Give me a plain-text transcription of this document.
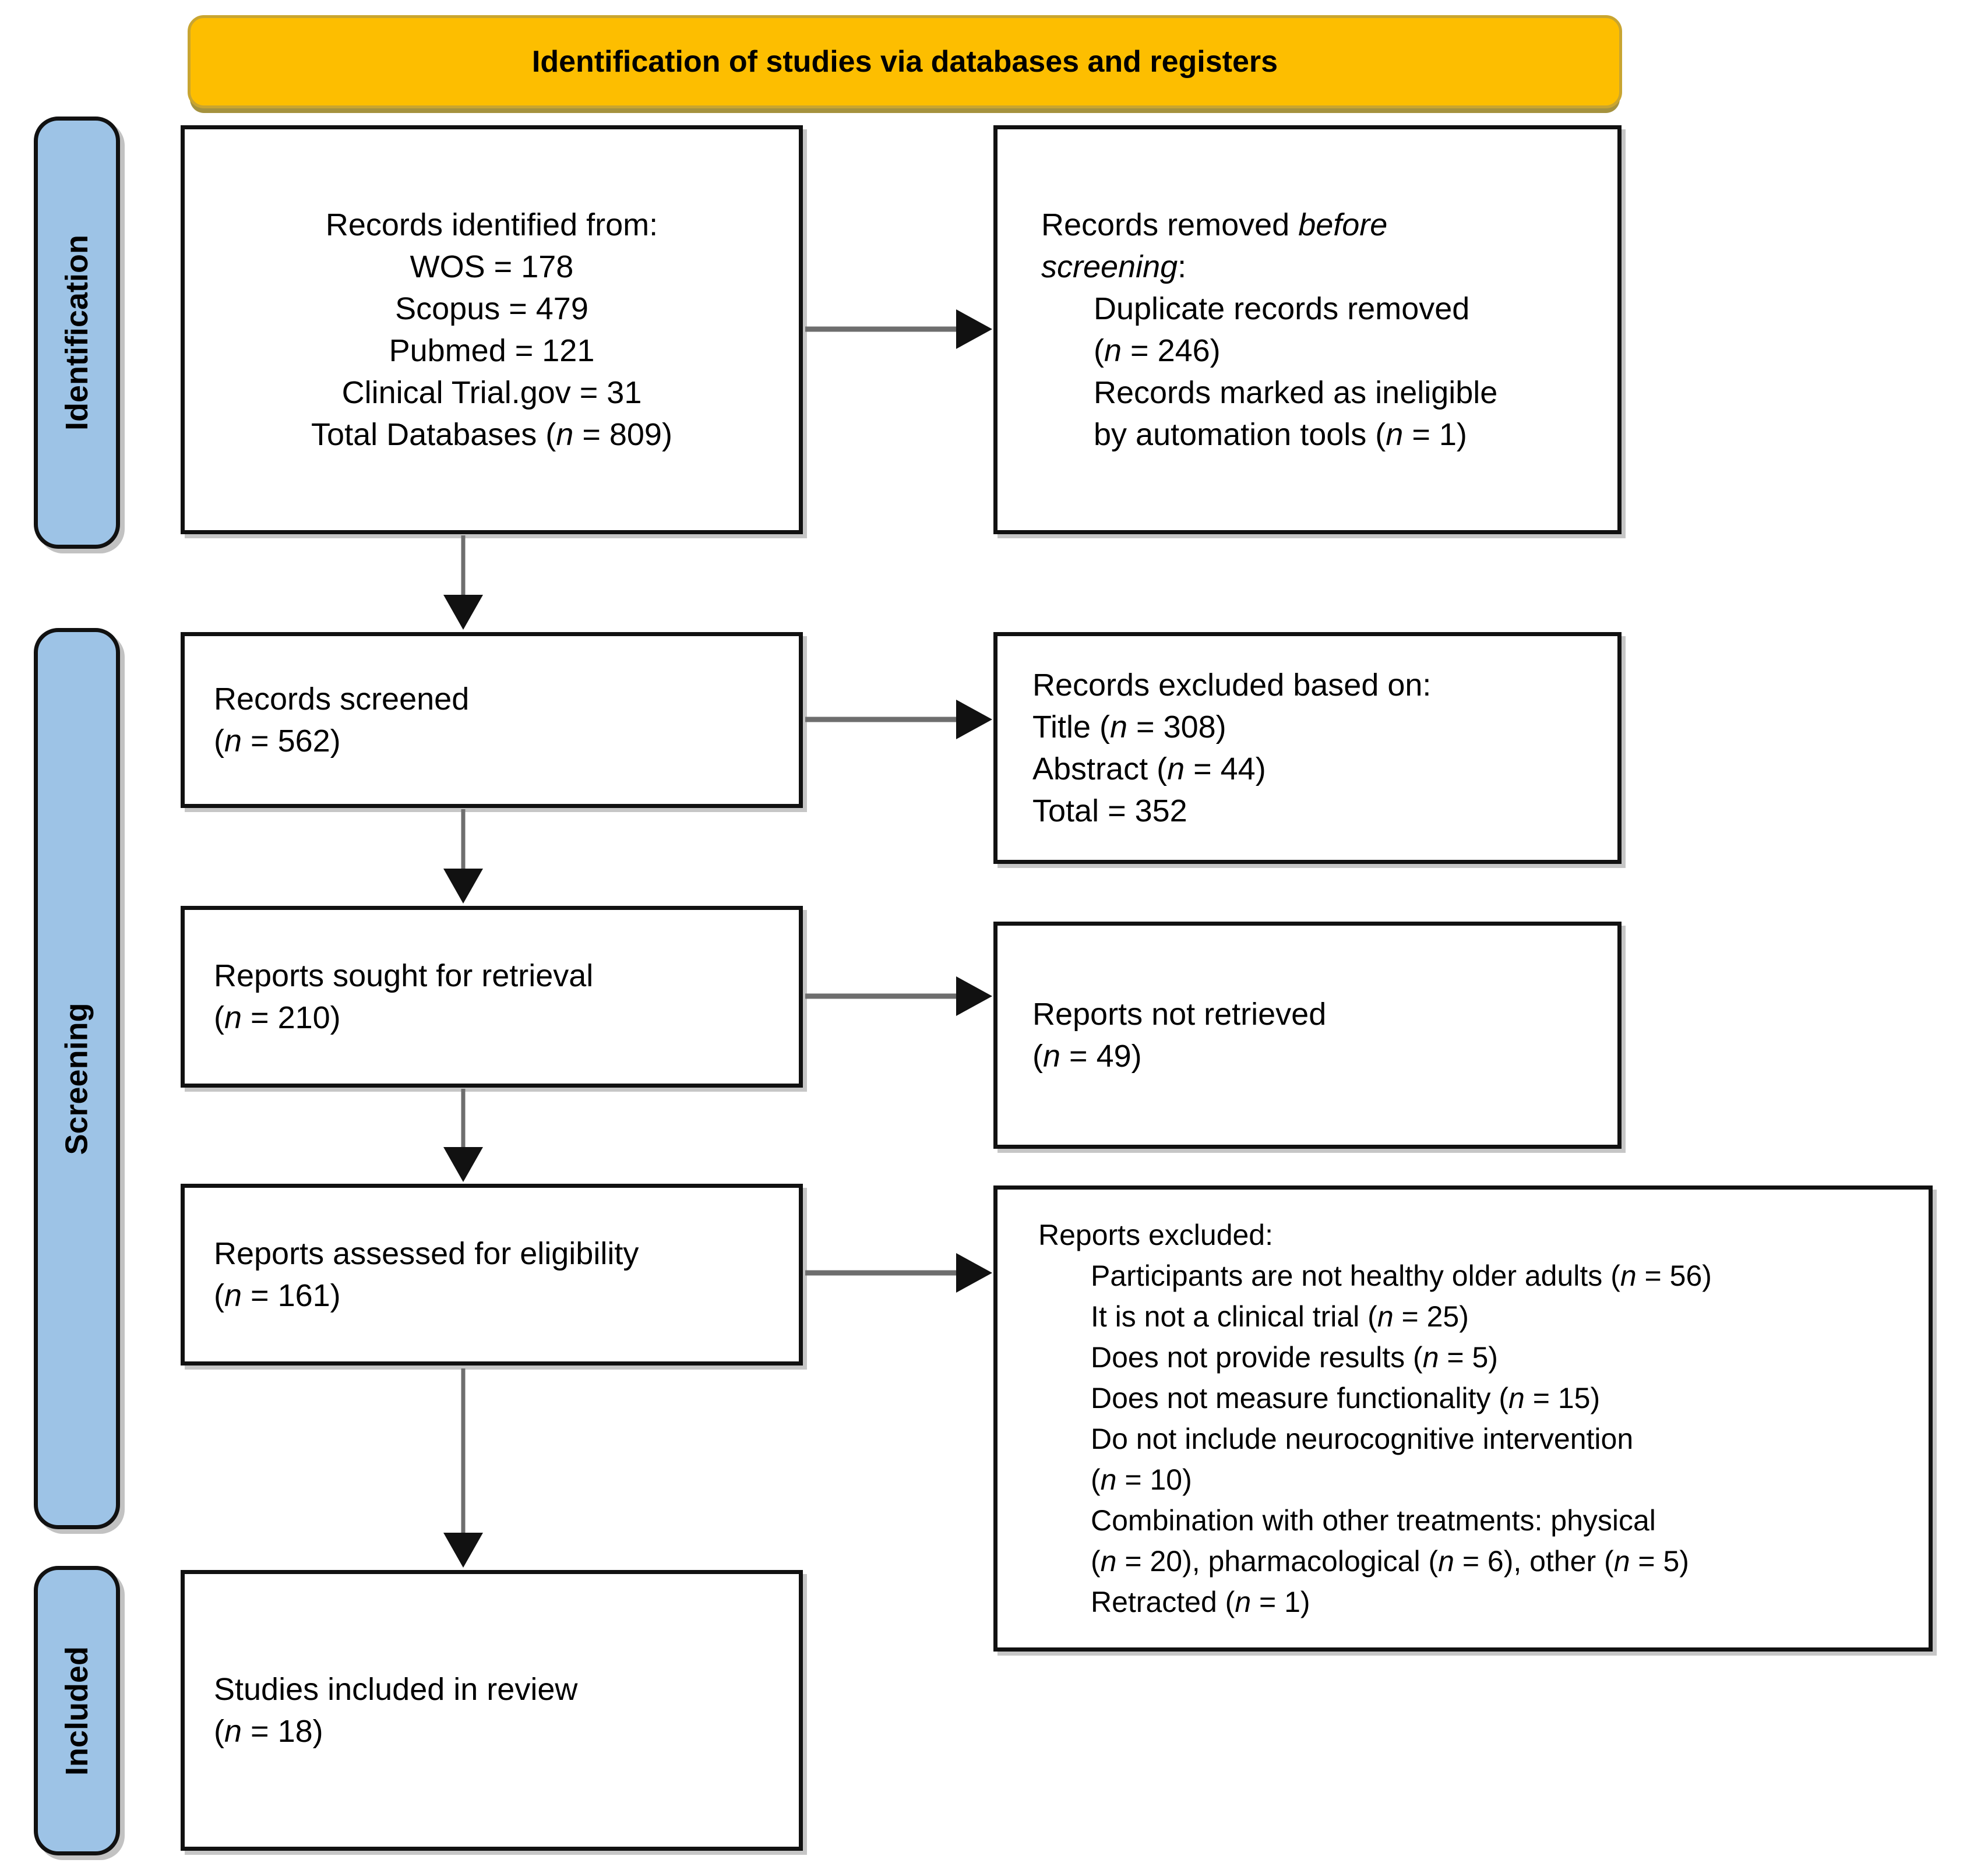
Identification of studies via databases and registers
Identification
Screening
Included
Records identified from:
WOS = 178
Scopus = 479
Pubmed = 121
Clinical Trial.gov = 31
Total Databases (n = 809)
Records screened
(n = 562)
Reports sought for retrieval
(n = 210)
Reports assessed for eligibility
(n = 161)
Studies included in review
(n = 18)
Records removed before
screening:
Duplicate records removed
(n = 246)
Records marked as ineligible
by automation tools (n = 1)
Records excluded based on:
Title (n = 308)
Abstract (n = 44)
Total = 352
Reports not retrieved
(n = 49)
Reports excluded:
Participants are not healthy older adults (n = 56)
It is not a clinical trial (n = 25)
Does not provide results (n = 5)
Does not measure functionality (n = 15)
Do not include neurocognitive intervention
(n = 10)
Combination with other treatments: physical
(n = 20), pharmacological (n = 6), other (n = 5)
Retracted (n = 1)
